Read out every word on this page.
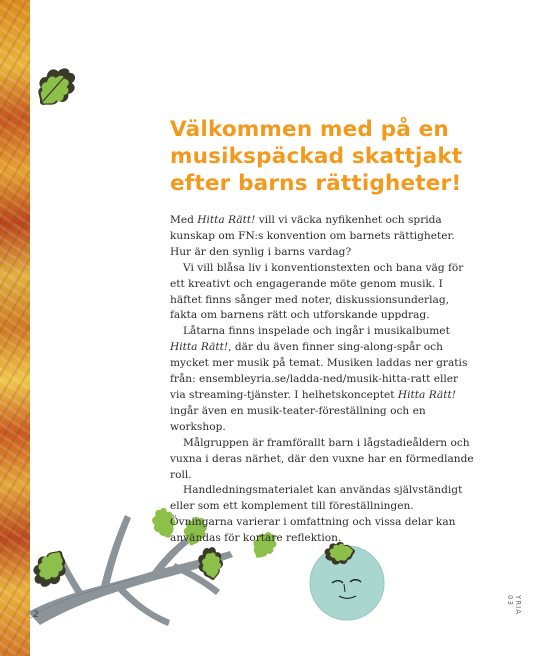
Välkommen med på en
musikspäckad skattjakt
efter barns rättigheter!

Med Hitta Rätt! vill vi väcka nyfikenhet och sprida kunskap om FN:s konvention om barnets rättigheter. Hur är den synlig i barns vardag?

Vi vill blåsa liv i konventionstexten och bana väg för ett kreativt och engagerande möte genom musik. I häftet finns sånger med noter, diskussionsunderlag, fakta om barnens rätt och utforskande uppdrag.

Låtarna finns inspelade och ingår i musikalbumet Hitta Rätt!, där du även finner sing-along-spår och mycket mer musik på temat. Musiken laddas ner gratis från: ensembleyria.se/ladda-ned/musik-hitta-ratt eller via streaming-tjänster. I helhetskonceptet Hitta Rätt! ingår även en musik-teater-föreställning och en workshop.

Målgruppen är framförallt barn i lågstadieåldern och vuxna i deras närhet, där den vuxne har en förmedlande roll.

Handledningsmaterialet kan användas självständigt eller som ett komplement till föreställningen. Övningarna varierar i omfattning och vissa delar kan användas för kortare reflektion.

2	YRIA 03
